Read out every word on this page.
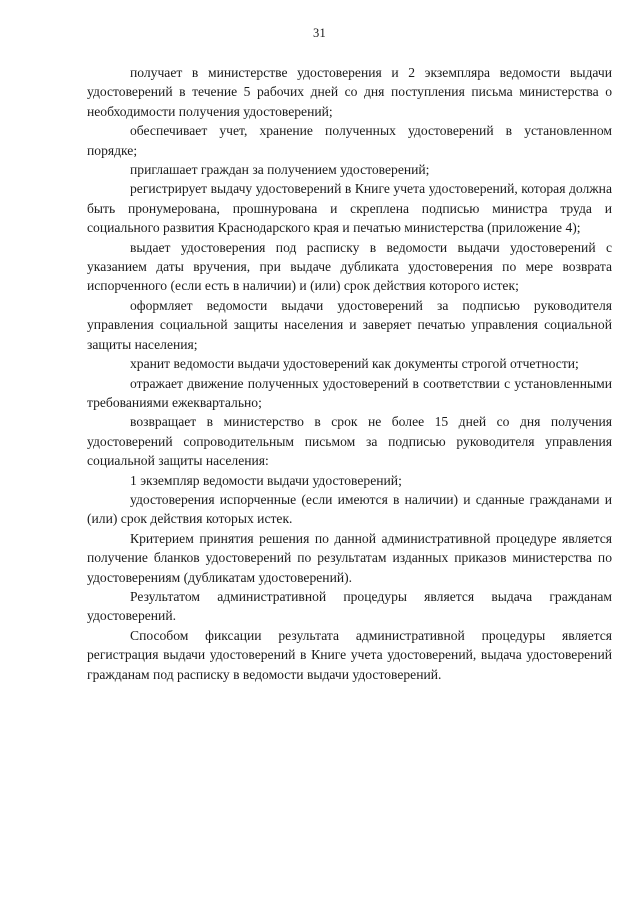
31

получает в министерстве удостоверения и 2 экземпляра ведомости выдачи удостоверений в течение 5 рабочих дней со дня поступления письма министерства о необходимости получения удостоверений;

обеспечивает учет, хранение полученных удостоверений в установленном порядке;

приглашает граждан за получением удостоверений;

регистрирует выдачу удостоверений в Книге учета удостоверений, которая должна быть пронумерована, прошнурована и скреплена подписью министра труда и социального развития Краснодарского края и печатью министерства (приложение 4);

выдает удостоверения под расписку в ведомости выдачи удостоверений с указанием даты вручения, при выдаче дубликата удостоверения по мере возврата испорченного (если есть в наличии) и (или) срок действия которого истек;

оформляет ведомости выдачи удостоверений за подписью руководителя управления социальной защиты населения и заверяет печатью управления социальной защиты населения;

хранит ведомости выдачи удостоверений как документы строгой отчетности;

отражает движение полученных удостоверений в соответствии с установленными требованиями ежеквартально;

возвращает в министерство в срок не более 15 дней со дня получения удостоверений сопроводительным письмом за подписью руководителя управления социальной защиты населения:

1 экземпляр ведомости выдачи удостоверений;

удостоверения испорченные (если имеются в наличии) и сданные гражданами и (или) срок действия которых истек.

Критерием принятия решения по данной административной процедуре является получение бланков удостоверений по результатам изданных приказов министерства по удостоверениям (дубликатам удостоверений).

Результатом административной процедуры является выдача гражданам удостоверений.

Способом фиксации результата административной процедуры является регистрация выдачи удостоверений в Книге учета удостоверений, выдача удостоверений гражданам под расписку в ведомости выдачи удостоверений.
